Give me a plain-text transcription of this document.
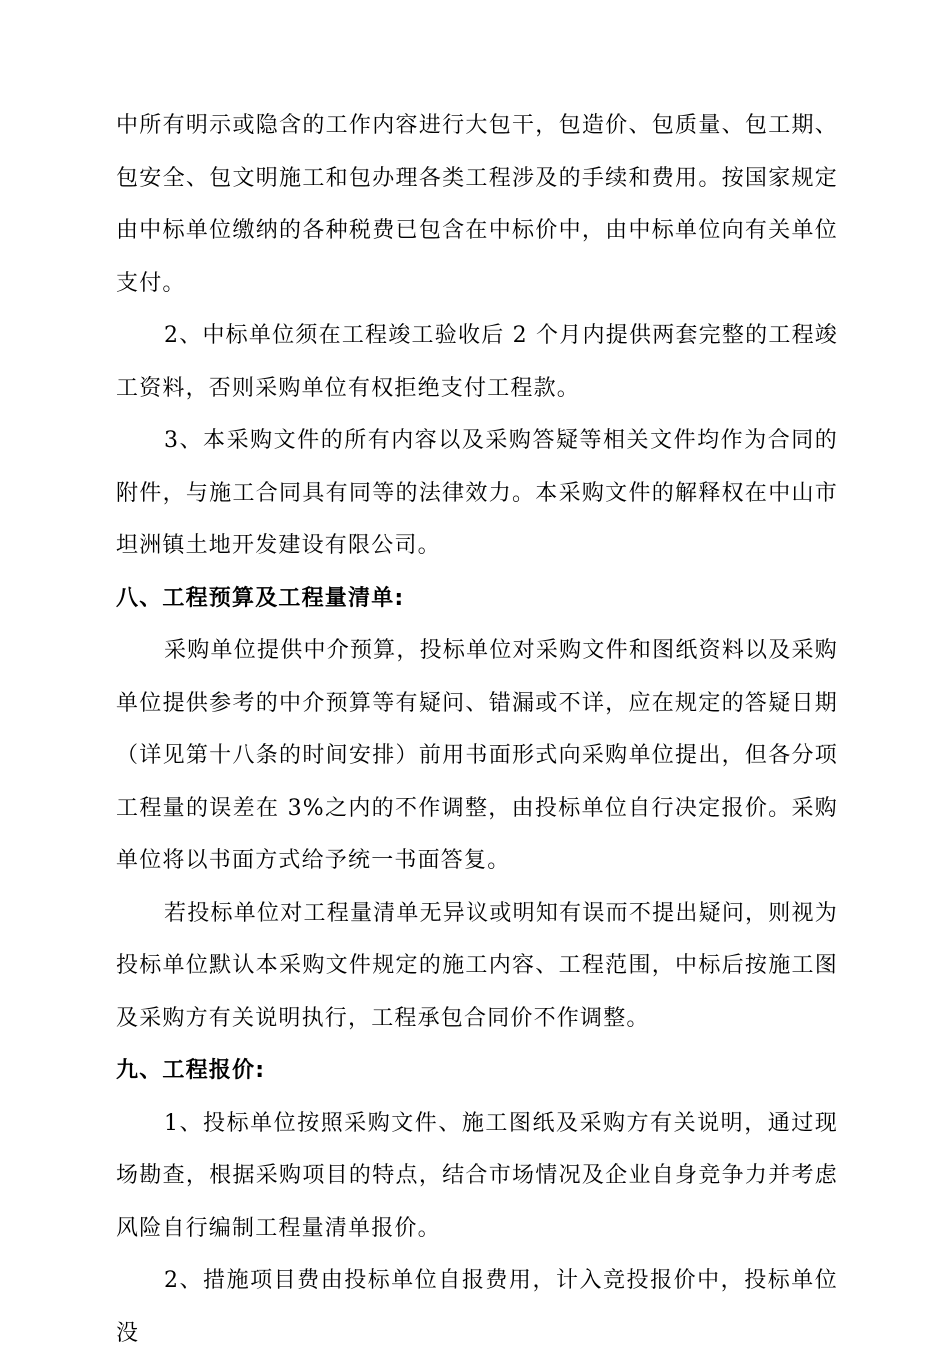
中所有明示或隐含的工作内容进行大包干，包造价、包质量、包工期、包安全、包文明施工和包办理各类工程涉及的手续和费用。按国家规定由中标单位缴纳的各种税费已包含在中标价中，由中标单位向有关单位支付。

2、中标单位须在工程竣工验收后 2 个月内提供两套完整的工程竣工资料，否则采购单位有权拒绝支付工程款。

3、本采购文件的所有内容以及采购答疑等相关文件均作为合同的附件，与施工合同具有同等的法律效力。本采购文件的解释权在中山市坦洲镇土地开发建设有限公司。

八、工程预算及工程量清单:

采购单位提供中介预算，投标单位对采购文件和图纸资料以及采购单位提供参考的中介预算等有疑问、错漏或不详，应在规定的答疑日期（详见第十八条的时间安排）前用书面形式向采购单位提出，但各分项工程量的误差在 3%之内的不作调整，由投标单位自行决定报价。采购单位将以书面方式给予统一书面答复。

若投标单位对工程量清单无异议或明知有误而不提出疑问，则视为投标单位默认本采购文件规定的施工内容、工程范围，中标后按施工图及采购方有关说明执行，工程承包合同价不作调整。

九、工程报价:

1、投标单位按照采购文件、施工图纸及采购方有关说明，通过现场勘查，根据采购项目的特点，结合市场情况及企业自身竞争力并考虑风险自行编制工程量清单报价。

2、措施项目费由投标单位自报费用，计入竞投报价中，投标单位没
